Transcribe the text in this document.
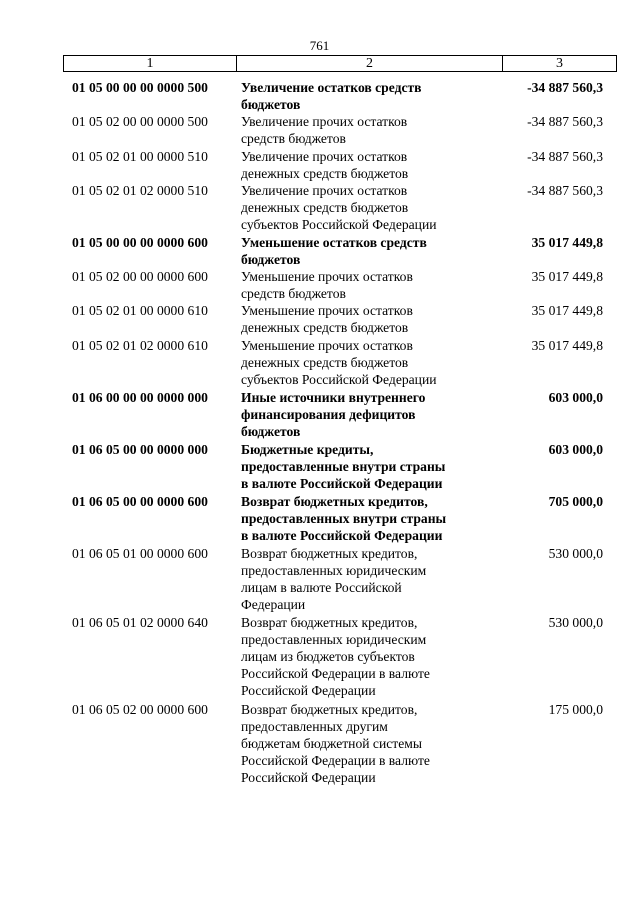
761
1	2	3
01 05 00 00 00 0000 500 Увеличение остатков средств
бюджетов
-34 887 560,3
01 05 02 00 00 0000 500 Увеличение прочих остатков
средств бюджетов
-34 887 560,3
01 05 02 01 00 0000 510 Увеличение прочих остатков
денежных средств бюджетов
-34 887 560,3
01 05 02 01 02 0000 510 Увеличение прочих остатков
денежных средств бюджетов
субъектов Российской Федерации
-34 887 560,3
01 05 00 00 00 0000 600 Уменьшение остатков средств
бюджетов
35 017 449,8
01 05 02 00 00 0000 600 Уменьшение прочих остатков
средств бюджетов
35 017 449,8
01 05 02 01 00 0000 610 Уменьшение прочих остатков
денежных средств бюджетов
35 017 449,8
01 05 02 01 02 0000 610 Уменьшение прочих остатков
денежных средств бюджетов
субъектов Российской Федерации
35 017 449,8
01 06 00 00 00 0000 000 Иные источники внутреннего
финансирования дефицитов
бюджетов
603 000,0
01 06 05 00 00 0000 000 Бюджетные кредиты,
предоставленные внутри страны
в валюте Российской Федерации
603 000,0
01 06 05 00 00 0000 600 Возврат бюджетных кредитов,
предоставленных внутри страны
в валюте Российской Федерации
705 000,0
01 06 05 01 00 0000 600 Возврат бюджетных кредитов,
предоставленных юридическим
лицам в валюте Российской
Федерации
530 000,0
01 06 05 01 02 0000 640 Возврат бюджетных кредитов,
предоставленных юридическим
лицам из бюджетов субъектов
Российской Федерации в валюте
Российской Федерации
530 000,0
01 06 05 02 00 0000 600 Возврат бюджетных кредитов,
предоставленных другим
бюджетам бюджетной системы
Российской Федерации в валюте
Российской Федерации
175 000,0
